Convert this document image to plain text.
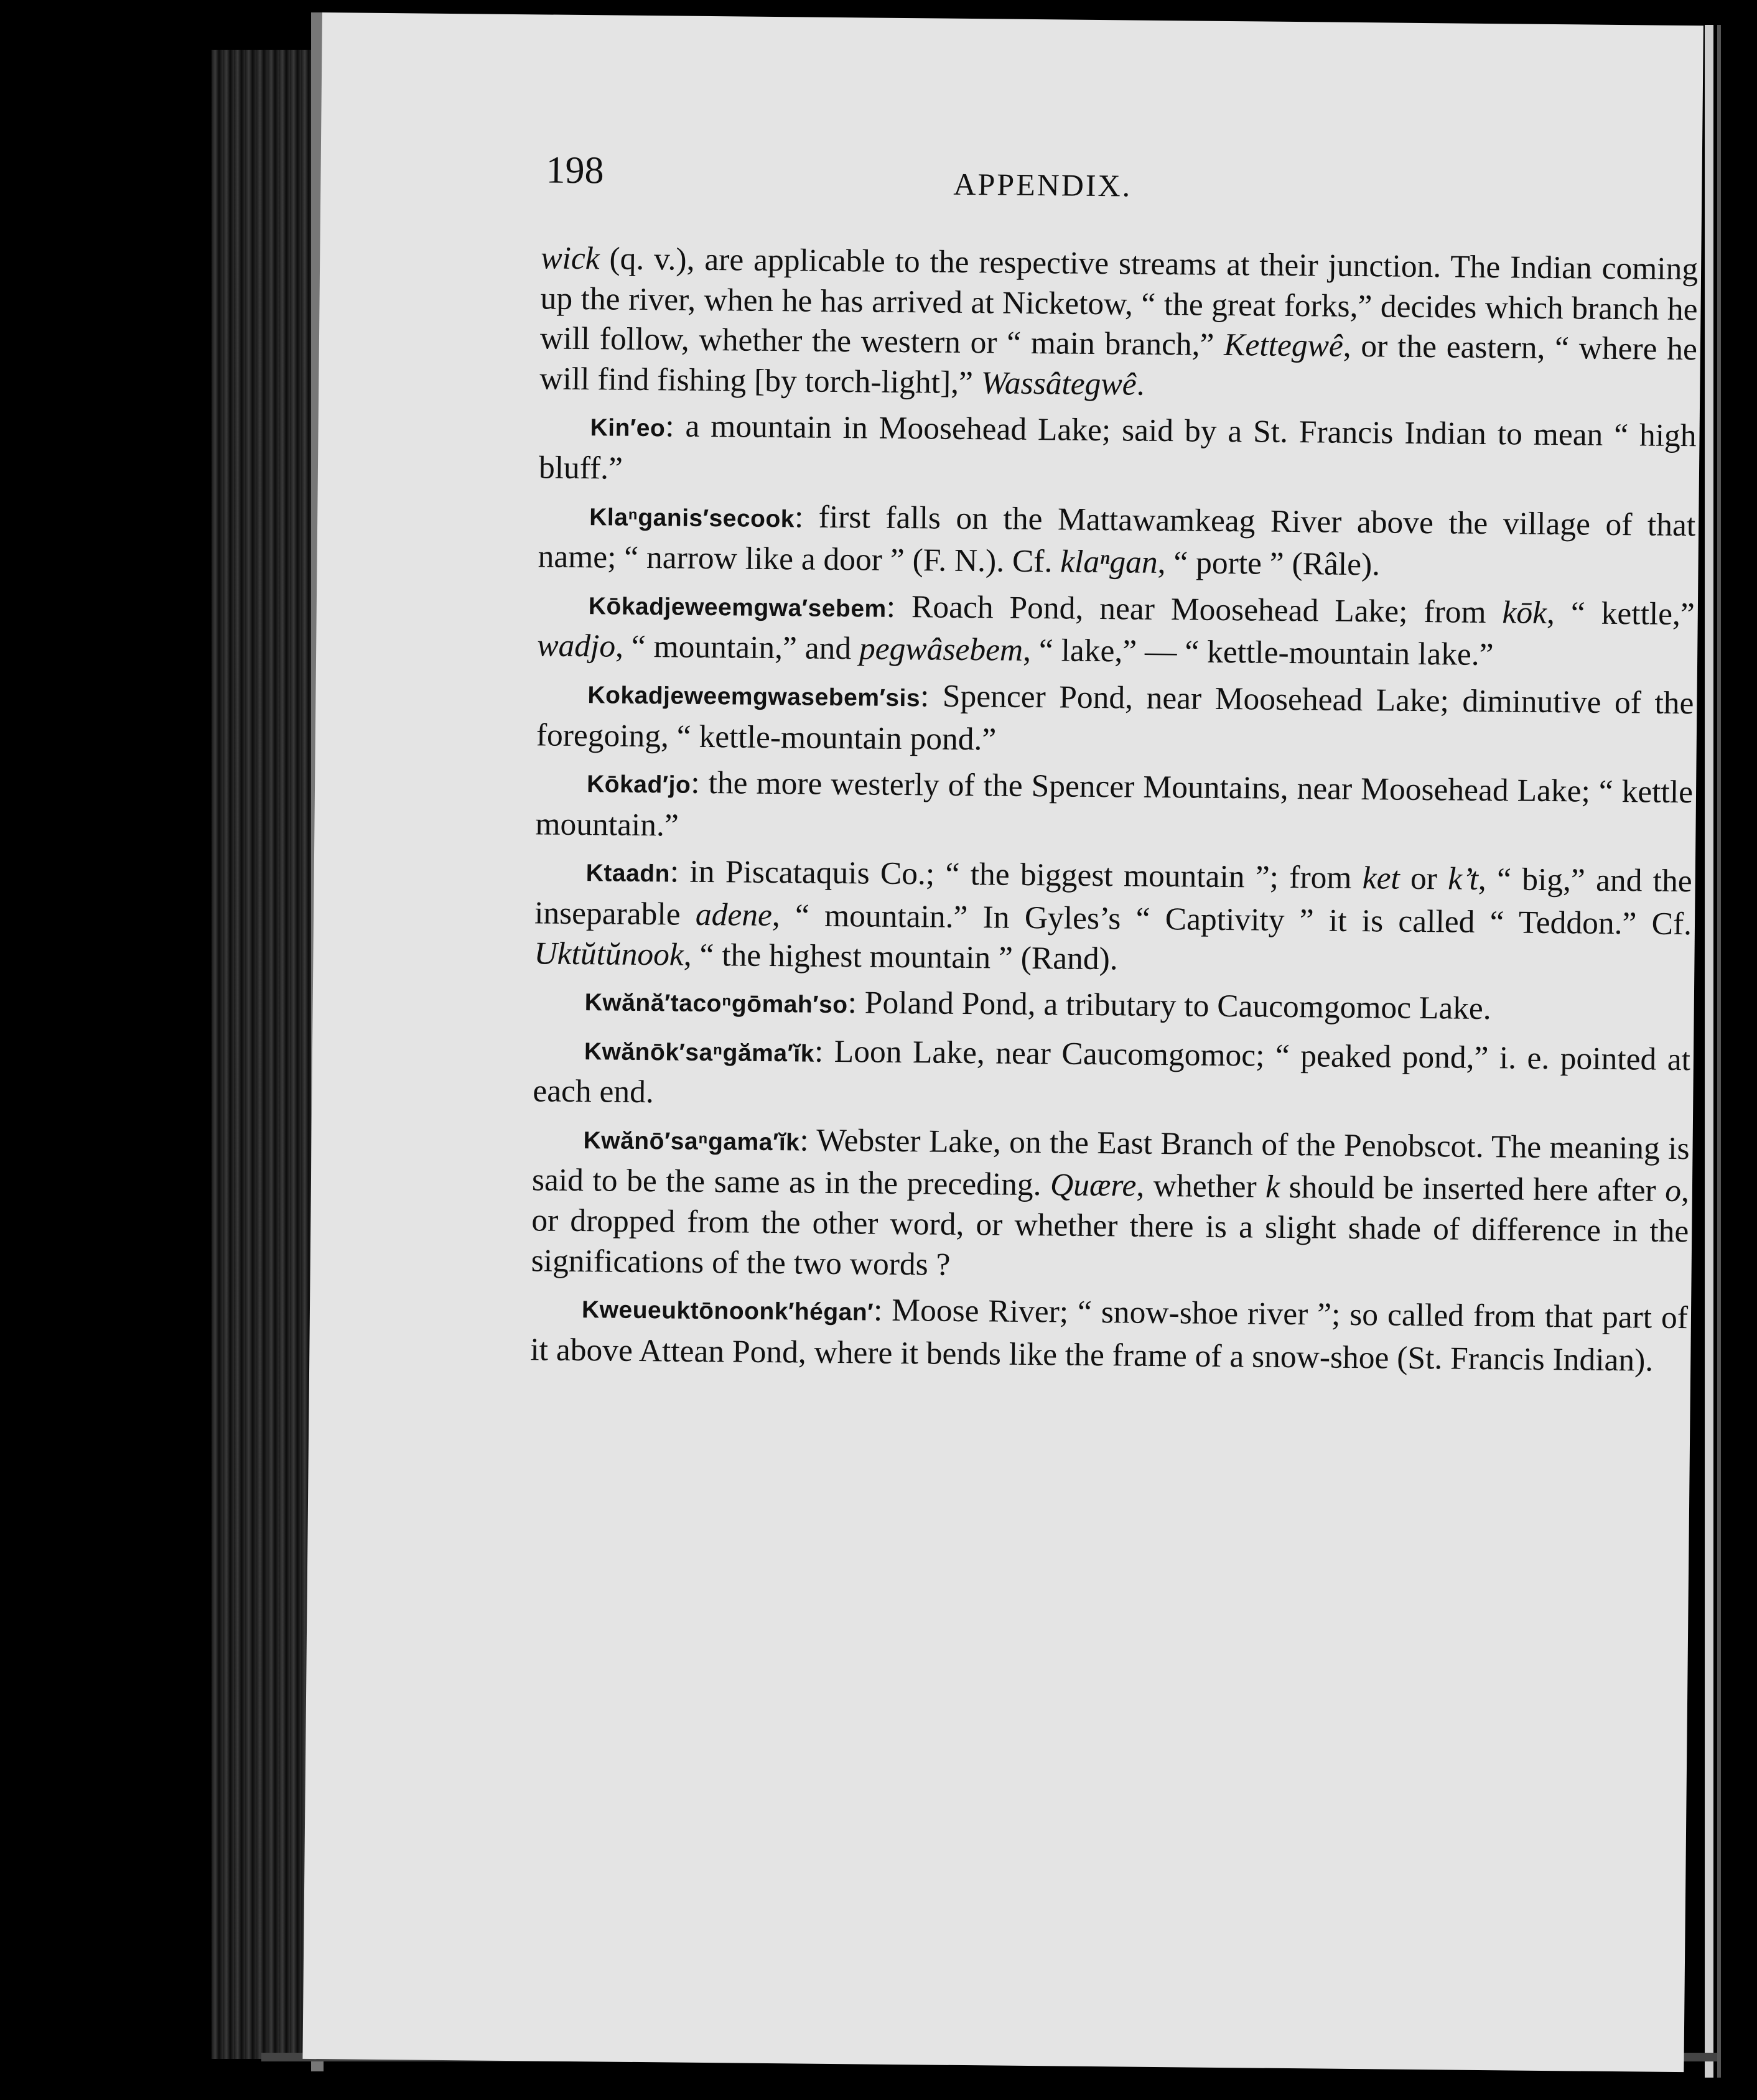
198	APPENDIX.

wick (q. v.), are applicable to the respective streams at their junction. The Indian coming up the river, when he has arrived at Nicketow, “ the great forks,” decides which branch he will follow, whether the western or “ main branch,” Kettegwê, or the eastern, “ where he will find fishing [by torch-light],” Wassâtegwê.

Kin′eo: a mountain in Moosehead Lake; said by a St. Francis Indian to mean “ high bluff.”

Klaⁿganis′secook: first falls on the Mattawamkeag River above the village of that name; “ narrow like a door ” (F. N.). Cf. klaⁿgan, “ porte ” (Râle).

Kōkadjeweemgwa′sebem: Roach Pond, near Moosehead Lake; from kōk, “ kettle,” wadjo, “ mountain,” and pegwâsebem, “ lake,” — “ kettle-mountain lake.”

Kokadjeweemgwasebem′sis: Spencer Pond, near Moosehead Lake; diminutive of the foregoing, “ kettle-mountain pond.”

Kōkad′jo: the more westerly of the Spencer Mountains, near Moosehead Lake; “ kettle mountain.”

Ktaadn: in Piscataquis Co.; “ the biggest mountain ”; from ket or k’t, “ big,” and the inseparable adene, “ mountain.” In Gyles’s “ Captivity ” it is called “ Teddon.” Cf. Uktŭtŭnook, “ the highest mountain ” (Rand).

Kwănă′tacoⁿgōmah′so: Poland Pond, a tributary to Caucomgomoc Lake.

Kwănōk′saⁿgăma′ĭk: Loon Lake, near Caucomgomoc; “ peaked pond,” i. e. pointed at each end.

Kwănō′saⁿgama′ĭk: Webster Lake, on the East Branch of the Penobscot. The meaning is said to be the same as in the preceding. Quære, whether k should be inserted here after o, or dropped from the other word, or whether there is a slight shade of difference in the significations of the two words ?

Kweueuktōnoonk′hégan′: Moose River; “ snow-shoe river ”; so called from that part of it above Attean Pond, where it bends like the frame of a snow-shoe (St. Francis Indian).
